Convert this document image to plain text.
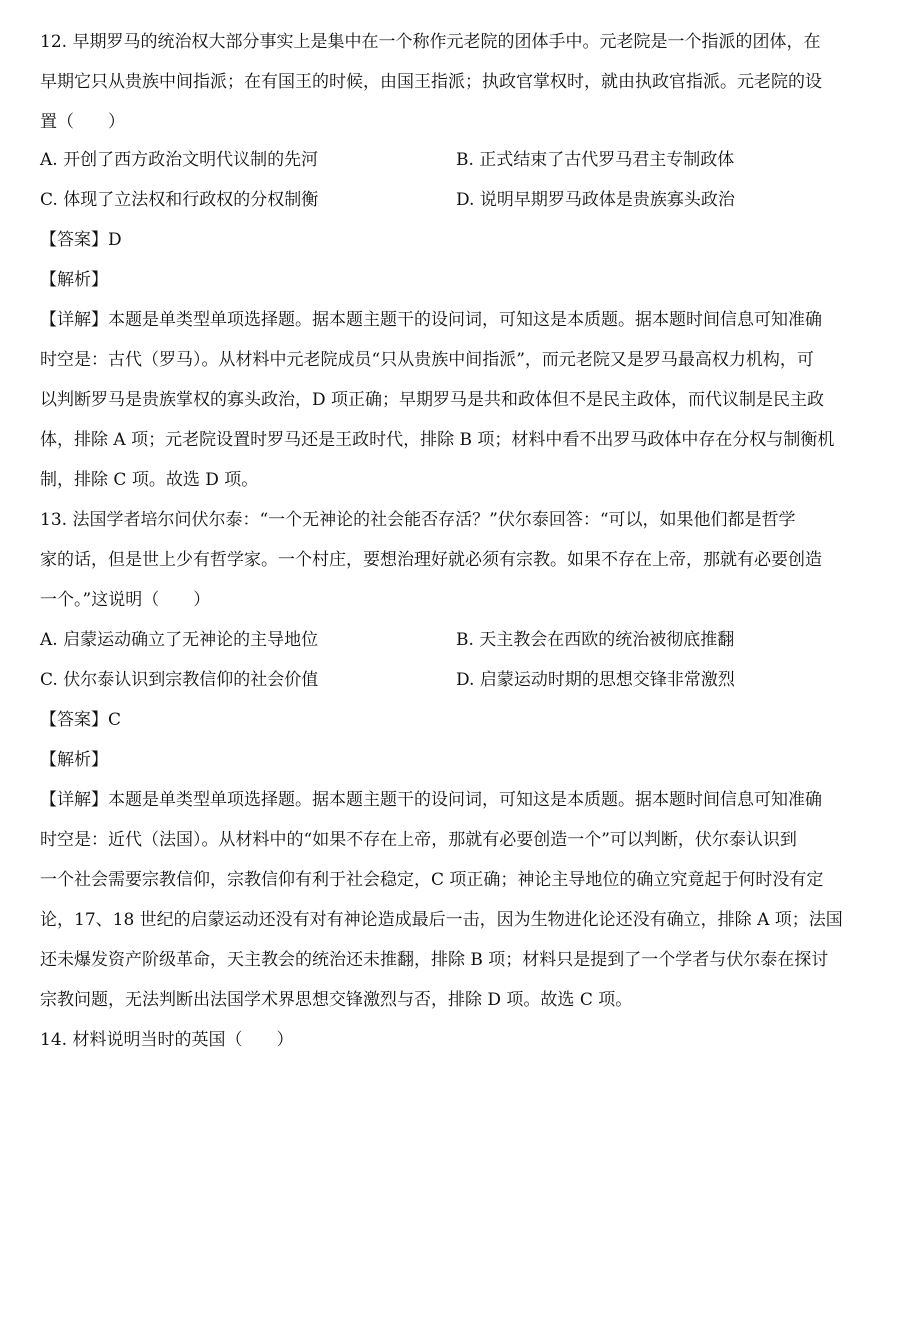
12. 早期罗马的统治权大部分事实上是集中在一个称作元老院的团体手中。元老院是一个指派的团体，在
早期它只从贵族中间指派；在有国王的时候，由国王指派；执政官掌权时，就由执政官指派。元老院的设
置（　　）
A. 开创了西方政治文明代议制的先河	B. 正式结束了古代罗马君主专制政体
C. 体现了立法权和行政权的分权制衡	D. 说明早期罗马政体是贵族寡头政治
【答案】D
【解析】
【详解】本题是单类型单项选择题。据本题主题干的设问词，可知这是本质题。据本题时间信息可知准确
时空是：古代（罗马）。从材料中元老院成员“只从贵族中间指派”，而元老院又是罗马最高权力机构，可
以判断罗马是贵族掌权的寡头政治，D 项正确；早期罗马是共和政体但不是民主政体，而代议制是民主政
体，排除 A 项；元老院设置时罗马还是王政时代，排除 B 项；材料中看不出罗马政体中存在分权与制衡机
制，排除 C 项。故选 D 项。
13. 法国学者培尔问伏尔泰：“一个无神论的社会能否存活？”伏尔泰回答：“可以，如果他们都是哲学
家的话，但是世上少有哲学家。一个村庄，要想治理好就必须有宗教。如果不存在上帝，那就有必要创造
一个。”这说明（　　）
A. 启蒙运动确立了无神论的主导地位	B. 天主教会在西欧的统治被彻底推翻
C. 伏尔泰认识到宗教信仰的社会价值	D. 启蒙运动时期的思想交锋非常激烈
【答案】C
【解析】
【详解】本题是单类型单项选择题。据本题主题干的设问词，可知这是本质题。据本题时间信息可知准确
时空是：近代（法国）。从材料中的“如果不存在上帝，那就有必要创造一个”可以判断，伏尔泰认识到
一个社会需要宗教信仰，宗教信仰有利于社会稳定，C 项正确；神论主导地位的确立究竟起于何时没有定
论，17、18 世纪的启蒙运动还没有对有神论造成最后一击，因为生物进化论还没有确立，排除 A 项；法国
还未爆发资产阶级革命，天主教会的统治还未推翻，排除 B 项；材料只是提到了一个学者与伏尔泰在探讨
宗教问题，无法判断出法国学术界思想交锋激烈与否，排除 D 项。故选 C 项。
14. 材料说明当时的英国（　　）
